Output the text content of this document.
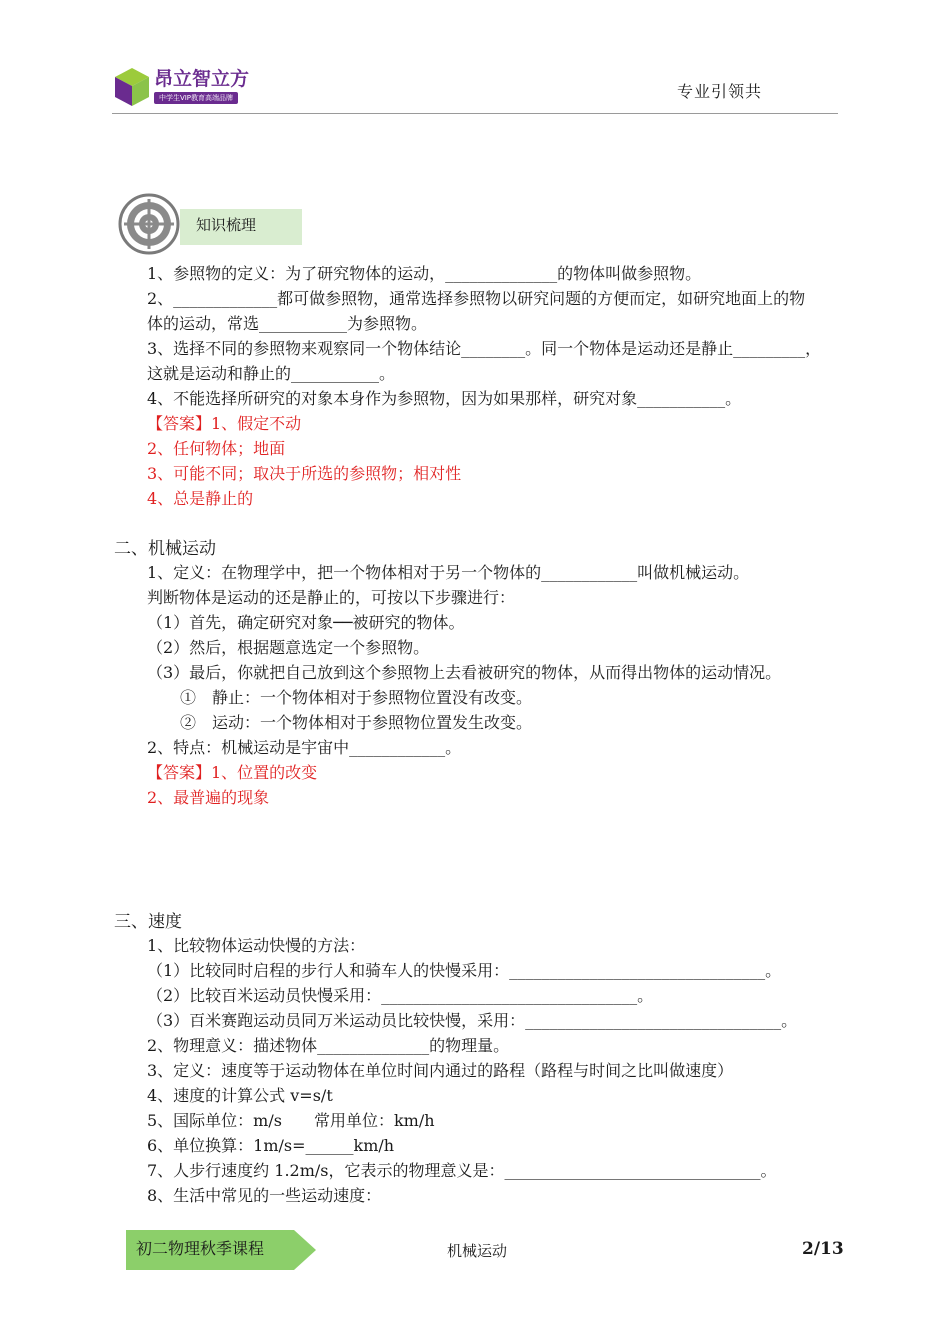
昂立智立方
中学生VIP教育高端品牌	专业引领共
知识梳理
1、参照物的定义：为了研究物体的运动，______________的物体叫做参照物。
2、_____________都可做参照物，通常选择参照物以研究问题的方便而定，如研究地面上的物
体的运动，常选___________为参照物。
3、选择不同的参照物来观察同一个物体结论________。同一个物体是运动还是静止_________，
这就是运动和静止的___________。
4、不能选择所研究的对象本身作为参照物，因为如果那样，研究对象___________。
【答案】1、假定不动
2、任何物体；地面
3、可能不同；取决于所选的参照物；相对性
4、总是静止的
二、机械运动
1、定义：在物理学中，把一个物体相对于另一个物体的____________叫做机械运动。
判断物体是运动的还是静止的，可按以下步骤进行：
（1）首先，确定研究对象──被研究的物体。
（2）然后，根据题意选定一个参照物。
（3）最后，你就把自己放到这个参照物上去看被研究的物体，从而得出物体的运动情况。
①　静止：一个物体相对于参照物位置没有改变。
②　运动：一个物体相对于参照物位置发生改变。
2、特点：机械运动是宇宙中____________。
【答案】1、位置的改变
2、最普遍的现象
三、速度
1、比较物体运动快慢的方法：
（1）比较同时启程的步行人和骑车人的快慢采用：________________________________。
（2）比较百米运动员快慢采用：________________________________。
（3）百米赛跑运动员同万米运动员比较快慢，采用：________________________________。
2、物理意义：描述物体______________的物理量。
3、定义：速度等于运动物体在单位时间内通过的路程（路程与时间之比叫做速度）
4、速度的计算公式 v=s/t
5、国际单位：m/s　　常用单位：km/h
6、单位换算：1m/s=______km/h
7、人步行速度约 1.2m/s，它表示的物理意义是：________________________________。
8、生活中常见的一些运动速度：
初二物理秋季课程	机械运动	2/13
